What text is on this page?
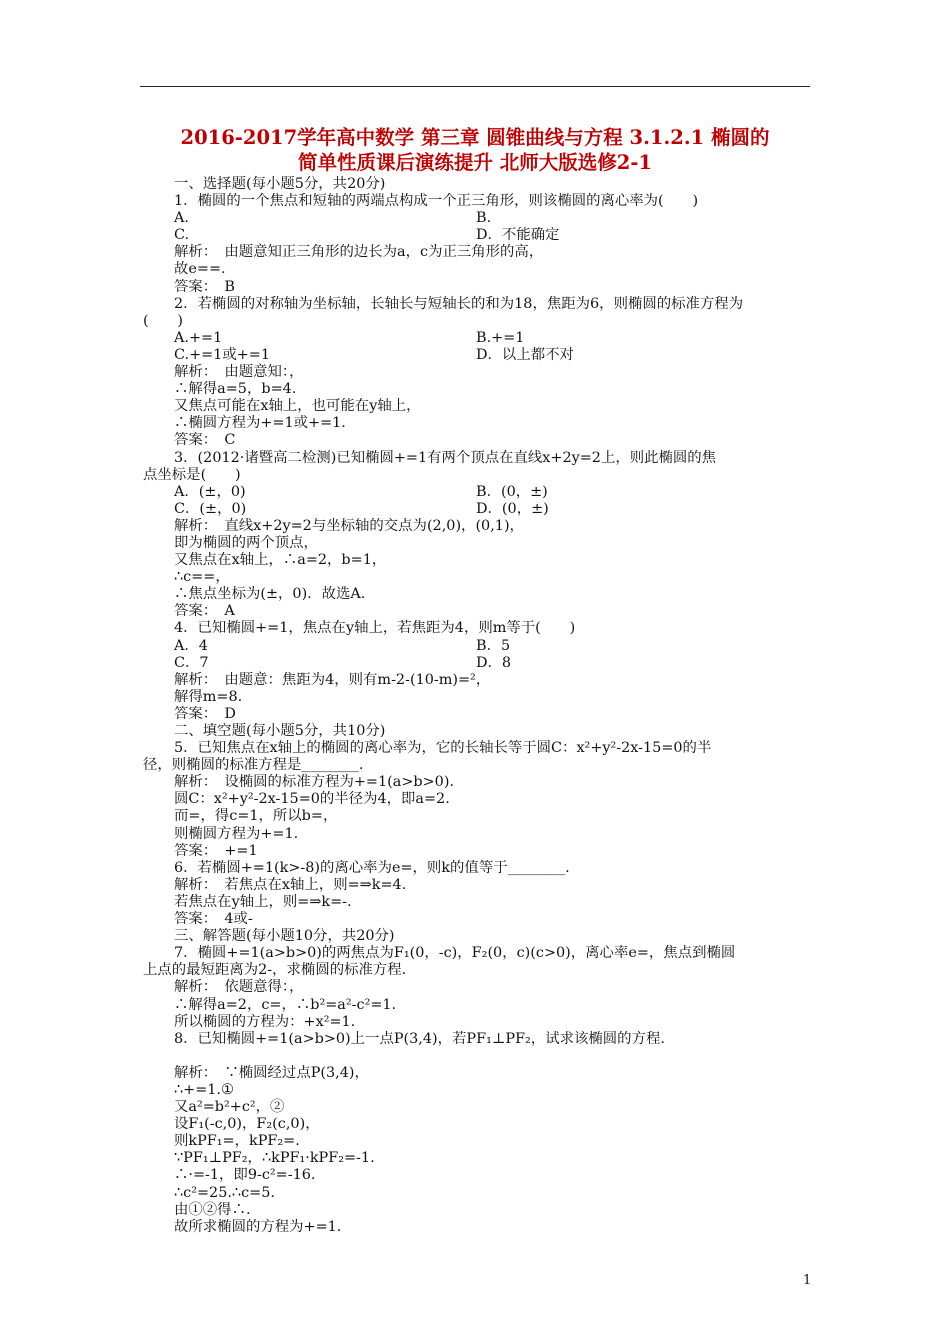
2016-2017学年高中数学 第三章 圆锥曲线与方程 3.1.2.1 椭圆的
简单性质课后演练提升 北师大版选修2-1
一、选择题(每小题5分，共20分)
1．椭圆的一个焦点和短轴的两端点构成一个正三角形，则该椭圆的离心率为(　　)
A.	B.
C.	D．不能确定
解析：　由题意知正三角形的边长为a，c为正三角形的高，
故e==.
答案：　B
2．若椭圆的对称轴为坐标轴，长轴长与短轴长的和为18，焦距为6，则椭圆的标准方程为
(　　)
A.+=1	B.+=1
C.+=1或+=1	D．以上都不对
解析：　由题意知：，
∴解得a=5，b=4.
又焦点可能在x轴上，也可能在y轴上，
∴椭圆方程为+=1或+=1.
答案：　C
3．(2012·诸暨高二检测)已知椭圆+=1有两个顶点在直线x+2y=2上，则此椭圆的焦
点坐标是(　　)
A．(±，0)	B．(0，±)
C．(±，0)	D．(0，±)
解析：　直线x+2y=2与坐标轴的交点为(2,0)，(0,1)，
即为椭圆的两个顶点，
又焦点在x轴上，∴a=2，b=1，
∴c==，
∴焦点坐标为(±，0)．故选A.
答案：　A
4．已知椭圆+=1，焦点在y轴上，若焦距为4，则m等于(　　)
A．4	B．5
C．7	D．8
解析：　由题意：焦距为4，则有m-2-(10-m)=²，
解得m=8.
答案：　D
二、填空题(每小题5分，共10分)
5．已知焦点在x轴上的椭圆的离心率为，它的长轴长等于圆C：x²+y²-2x-15=0的半
径，则椭圆的标准方程是________.
解析：　设椭圆的标准方程为+=1(a>b>0)．
圆C：x²+y²-2x-15=0的半径为4，即a=2.
而=，得c=1，所以b=，
则椭圆方程为+=1.
答案：　+=1
6．若椭圆+=1(k>-8)的离心率为e=，则k的值等于________.
解析：　若焦点在x轴上，则=⇒k=4.
若焦点在y轴上，则=⇒k=-.
答案：　4或-
三、解答题(每小题10分，共20分)
7．椭圆+=1(a>b>0)的两焦点为F₁(0，-c)，F₂(0，c)(c>0)，离心率e=，焦点到椭圆
上点的最短距离为2-，求椭圆的标准方程.
解析：　依题意得：，
∴解得a=2，c=，∴b²=a²-c²=1.
所以椭圆的方程为：+x²=1.
8．已知椭圆+=1(a>b>0)上一点P(3,4)，若PF₁⊥PF₂，试求该椭圆的方程.
解析：　∵椭圆经过点P(3,4)，
∴+=1.①
又a²=b²+c²，②
设F₁(-c,0)，F₂(c,0)，
则kPF₁=，kPF₂=.
∵PF₁⊥PF₂，∴kPF₁·kPF₂=-1.
∴·=-1，即9-c²=-16.
∴c²=25.∴c=5.
由①②得∴.
故所求椭圆的方程为+=1.
1
